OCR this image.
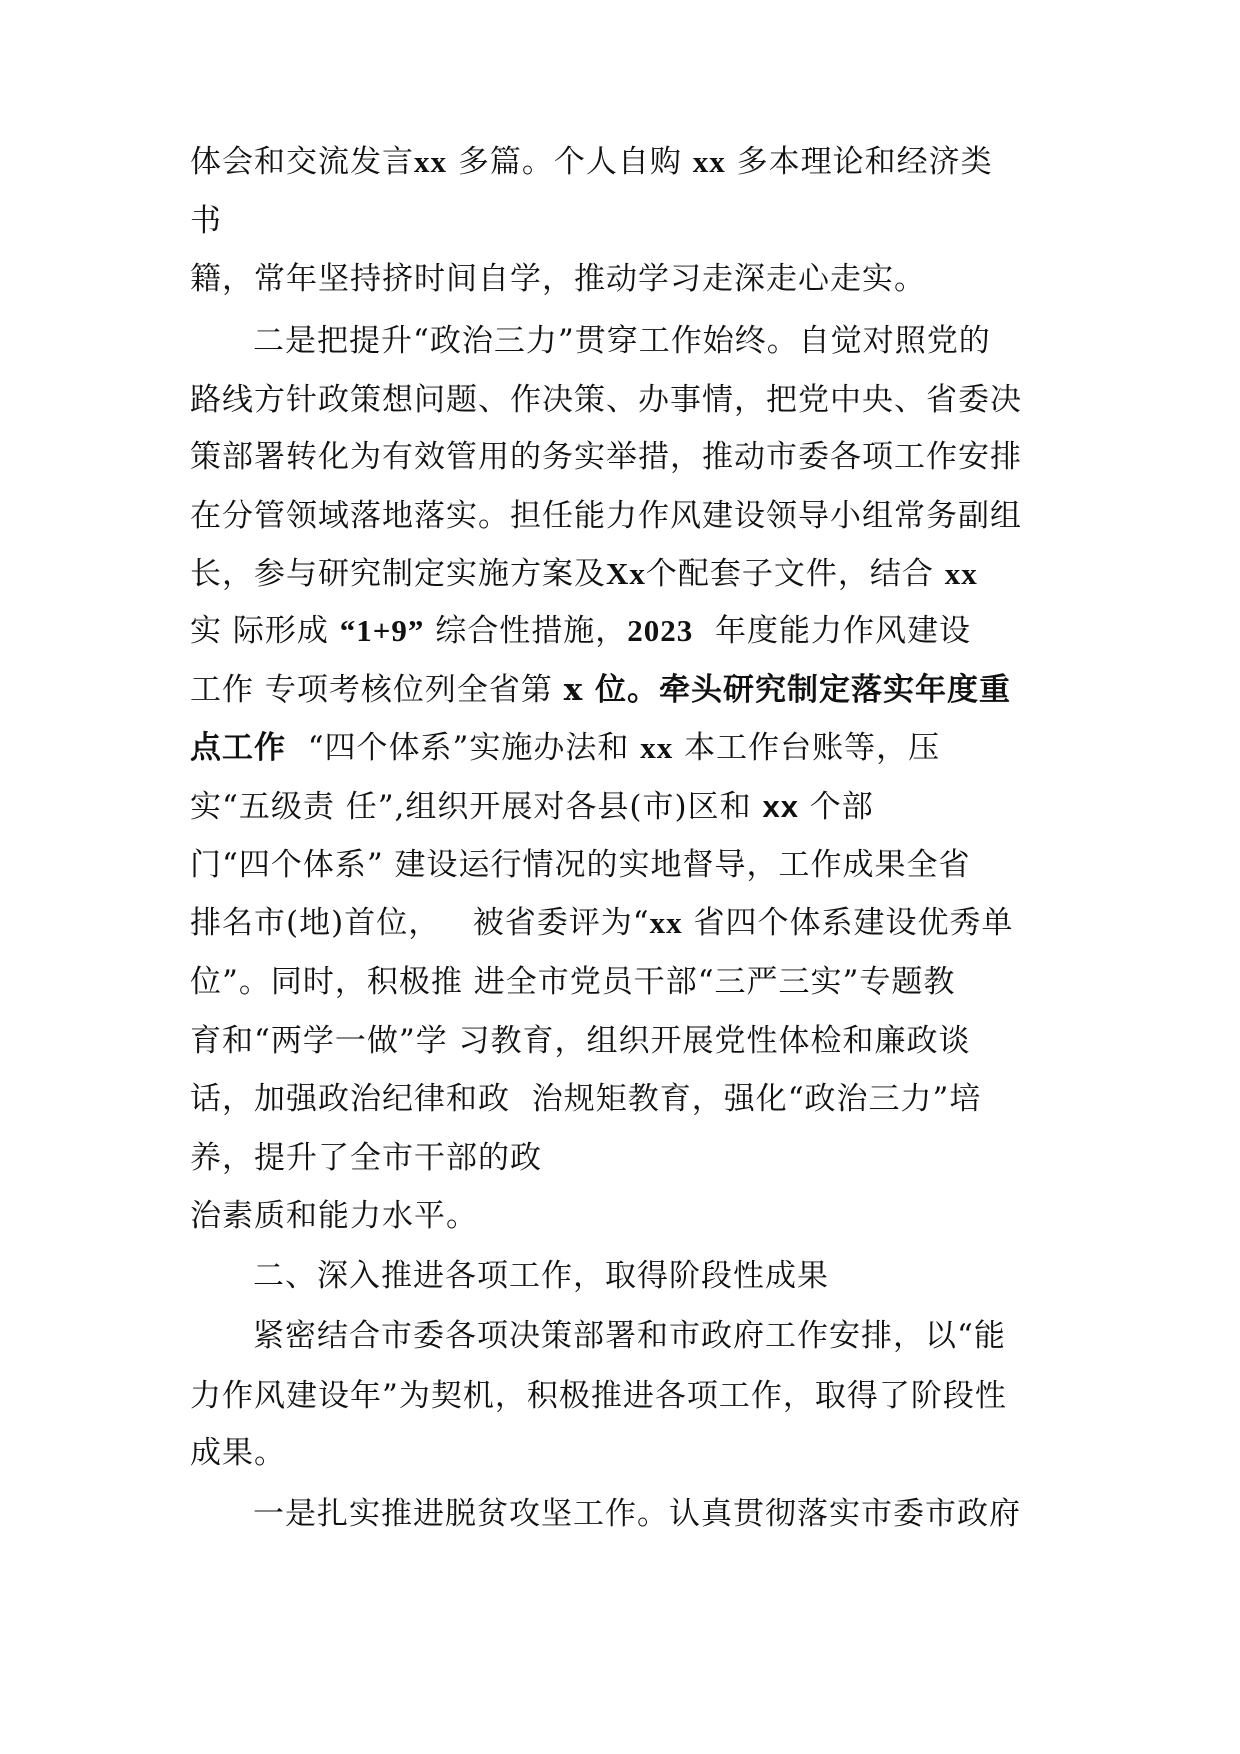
体会和交流发言xx 多篇。个人自购 xx 多本理论和经济类
书
籍，常年坚持挤时间自学，推动学习走深走心走实。
二是把提升“政治三力”贯穿工作始终。自觉对照党的
路线方针政策想问题、作决策、办事情，把党中央、省委决
策部署转化为有效管用的务实举措，推动市委各项工作安排
在分管领域落地落实。担任能力作风建设领导小组常务副组
长，参与研究制定实施方案及Xx个配套子文件，结合 xx
实 际形成 “1+9” 综合性措施，2023  年度能力作风建设
工作 专项考核位列全省第 x 位。牵头研究制定落实年度重
点工作  “四个体系”实施办法和 xx 本工作台账等，压
实“五级责 任”,组织开展对各县(市)区和 xx 个部
门“四个体系” 建设运行情况的实地督导，工作成果全省
排名市(地)首位，   被省委评为“xx 省四个体系建设优秀单
位”。同时，积极推 进全市党员干部“三严三实”专题教
育和“两学一做”学 习教育，组织开展党性体检和廉政谈
话，加强政治纪律和政  治规矩教育，强化“政治三力”培
养，提升了全市干部的政
治素质和能力水平。
二、深入推进各项工作，取得阶段性成果
紧密结合市委各项决策部署和市政府工作安排，以“能
力作风建设年”为契机，积极推进各项工作，取得了阶段性
成果。
一是扎实推进脱贫攻坚工作。认真贯彻落实市委市政府
